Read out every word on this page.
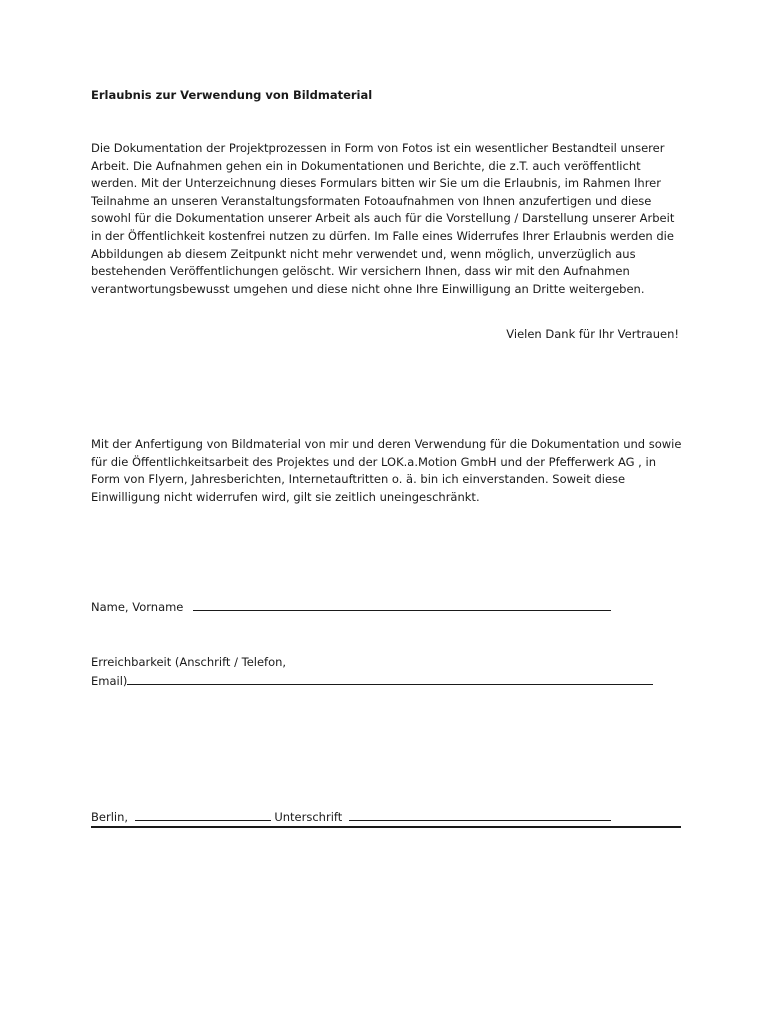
Erlaubnis zur Verwendung von Bildmaterial
Die Dokumentation der Projektprozessen in Form von Fotos ist ein wesentlicher Bestandteil unserer Arbeit. Die Aufnahmen gehen ein in Dokumentationen und Berichte, die z.T. auch veröffentlicht werden. Mit der Unterzeichnung dieses Formulars bitten wir Sie um die Erlaubnis, im Rahmen Ihrer Teilnahme an unseren Veranstaltungsformaten Fotoaufnahmen von Ihnen anzufertigen und diese sowohl für die Dokumentation unserer Arbeit als auch für die Vorstellung / Darstellung unserer Arbeit in der Öffentlichkeit kostenfrei nutzen zu dürfen. Im Falle eines Widerrufes Ihrer Erlaubnis werden die Abbildungen ab diesem Zeitpunkt nicht mehr verwendet und, wenn möglich, unverzüglich aus bestehenden Veröffentlichungen gelöscht. Wir versichern Ihnen, dass wir mit den Aufnahmen verantwortungsbewusst umgehen und diese nicht ohne Ihre Einwilligung an Dritte weitergeben.
Vielen Dank für Ihr Vertrauen!
Mit der Anfertigung von Bildmaterial von mir und deren Verwendung für die Dokumentation und sowie für die Öffentlichkeitsarbeit des Projektes und der LOK.a.Motion GmbH und der Pfefferwerk AG , in Form von Flyern, Jahresberichten, Internetauftritten o. ä. bin ich einverstanden. Soweit diese Einwilligung nicht widerrufen wird, gilt sie zeitlich uneingeschränkt.
Name, Vorname
Erreichbarkeit (Anschrift / Telefon,
Email)
Berlin,	Unterschrift
